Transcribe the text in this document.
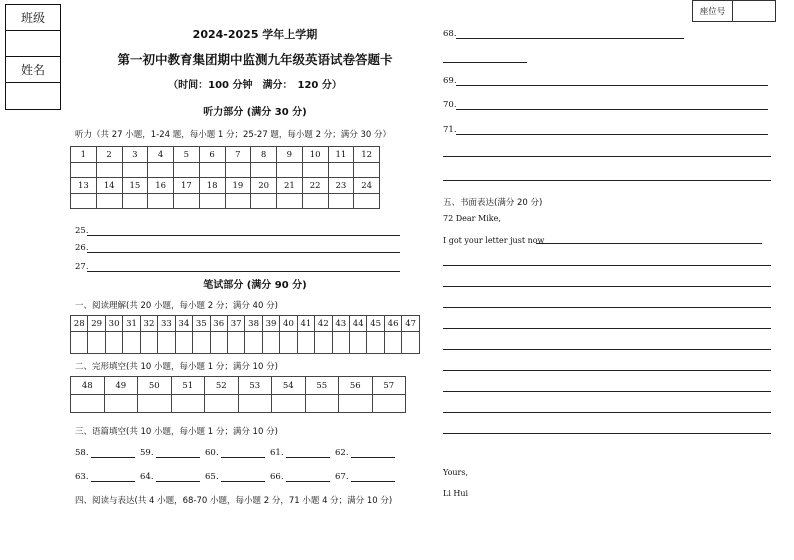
班级
姓名
座位号
2024-2025 学年上学期
第一初中教育集团期中监测九年级英语试卷答题卡
（时间：100 分钟　满分：　120 分）
听力部分 (满分 30 分)
听力（共 27 小题，1-24 题，每小题 1 分；25-27 题，每小题 2 分；满分 30 分）
1	2	3	4	5	6	7	8	9	10	11	12

13	14	15	16	17	18	19	20	21	22	23	24

25.
26.
27.
笔试部分 (满分 90 分)
一、阅读理解(共 20 小题，每小题 2 分；满分 40 分)
28	29	30	31	32	33	34	35	36	37	38	39	40	41	42	43	44	45	46	47

二、完形填空(共 10 小题，每小题 1 分；满分 10 分)
48	49	50	51	52	53	54	55	56	57

三、语篇填空(共 10 小题，每小题 1 分；满分 10 分)
58.	59.	60.	61.	62.
63.	64.	65.	66.	67.
四、阅读与表达(共 4 小题，68-70 小题，每小题 2 分，71 小题 4 分；满分 10 分)
68.
69.
70.
71.
五、书面表达(满分 20 分)
72 Dear Mike,
I got your letter just now
Yours,
Li Hui
